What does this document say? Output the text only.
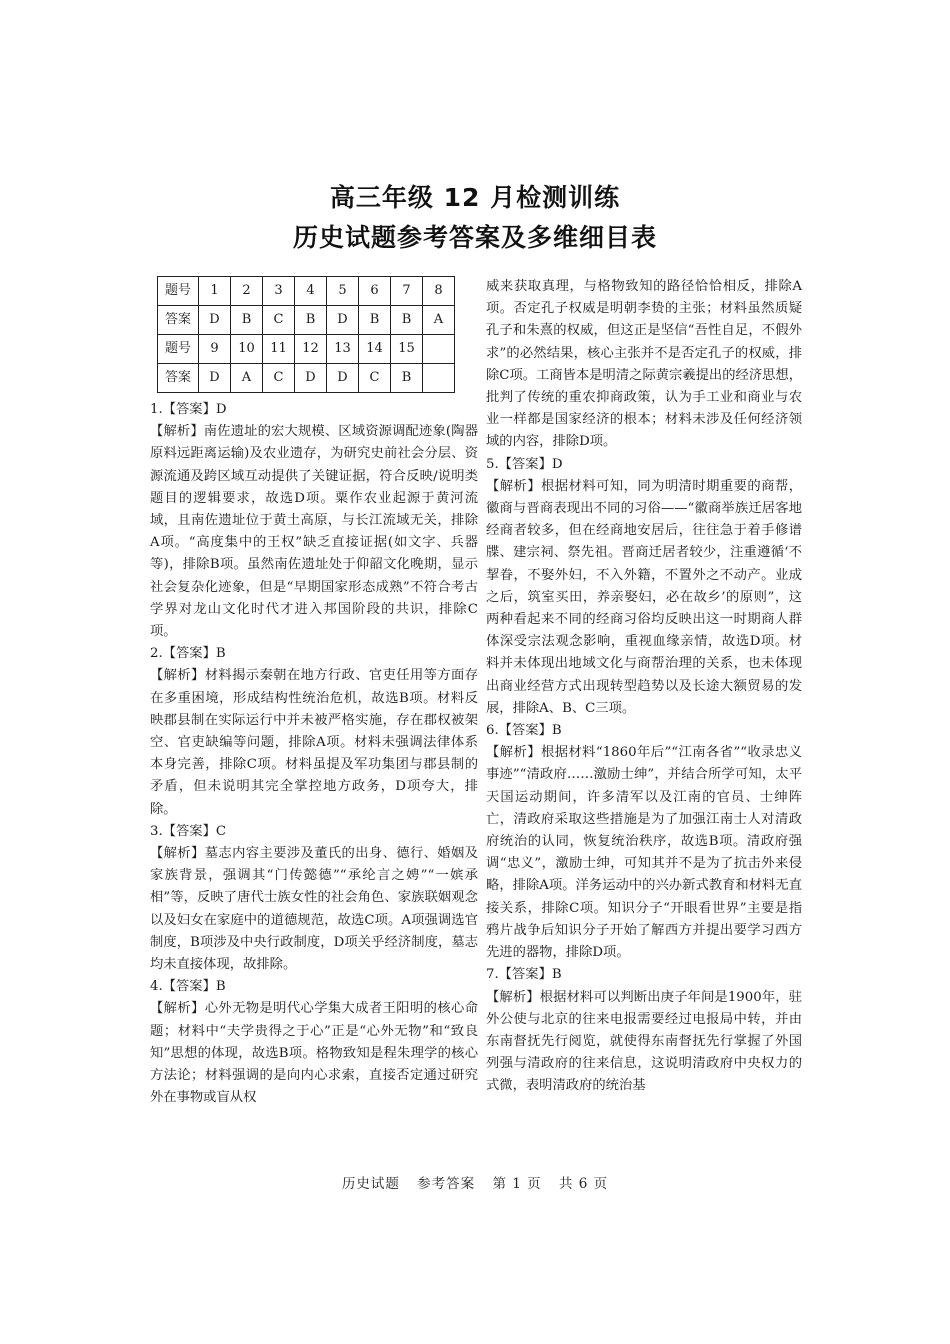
高三年级 12 月检测训练
历史试题参考答案及多维细目表
题号	1	2	3	4	5	6	7	8
答案	D	B	C	B	D	B	B	A
题号	9	10	11	12	13	14	15	
答案	D	A	C	D	D	C	B	

1.【答案】D

【解析】南佐遗址的宏大规模、区域资源调配迹象(陶器原料远距离运输)及农业遗存，为研究史前社会分层、资源流通及跨区域互动提供了关键证据，符合反映/说明类题目的逻辑要求，故选D项。粟作农业起源于黄河流域，且南佐遗址位于黄土高原，与长江流域无关，排除A项。“高度集中的王权”缺乏直接证据(如文字、兵器等)，排除B项。虽然南佐遗址处于仰韶文化晚期，显示社会复杂化迹象，但是“早期国家形态成熟”不符合考古学界对龙山文化时代才进入邦国阶段的共识，排除C项。

2.【答案】B

【解析】材料揭示秦朝在地方行政、官吏任用等方面存在多重困境，形成结构性统治危机，故选B项。材料反映郡县制在实际运行中并未被严格实施，存在郡权被架空、官吏缺编等问题，排除A项。材料未强调法律体系本身完善，排除C项。材料虽提及军功集团与郡县制的矛盾，但未说明其完全掌控地方政务，D项夸大，排除。

3.【答案】C

【解析】墓志内容主要涉及董氏的出身、德行、婚姻及家族背景，强调其“门传懿德”“承纶言之娉”“一嫔承相”等，反映了唐代士族女性的社会角色、家族联姻观念以及妇女在家庭中的道德规范，故选C项。A项强调选官制度，B项涉及中央行政制度，D项关乎经济制度，墓志均未直接体现，故排除。

4.【答案】B

【解析】心外无物是明代心学集大成者王阳明的核心命题；材料中“夫学贵得之于心”正是“心外无物”和“致良知”思想的体现，故选B项。格物致知是程朱理学的核心方法论；材料强调的是向内心求索，直接否定通过研究外在事物或盲从权

威来获取真理，与格物致知的路径恰恰相反，排除A项。否定孔子权威是明朝李贽的主张；材料虽然质疑孔子和朱熹的权威，但这正是坚信“吾性自足，不假外求”的必然结果，核心主张并不是否定孔子的权威，排除C项。工商皆本是明清之际黄宗羲提出的经济思想，批判了传统的重农抑商政策，认为手工业和商业与农业一样都是国家经济的根本；材料未涉及任何经济领域的内容，排除D项。

5.【答案】D

【解析】根据材料可知，同为明清时期重要的商帮，徽商与晋商表现出不同的习俗——“徽商举族迁居客地经商者较多，但在经商地安居后，往往急于着手修谱牒、建宗祠、祭先祖。晋商迁居者较少，注重遵循‘不挈眷，不娶外妇，不入外籍，不置外之不动产。业成之后，筑室买田，养亲娶妇，必在故乡’的原则”，这两种看起来不同的经商习俗均反映出这一时期商人群体深受宗法观念影响，重视血缘亲情，故选D项。材料并未体现出地域文化与商帮治理的关系，也未体现出商业经营方式出现转型趋势以及长途大额贸易的发展，排除A、B、C三项。

6.【答案】B

【解析】根据材料“1860年后”“江南各省”“收录忠义事迹”“清政府……激励士绅”，并结合所学可知，太平天国运动期间，许多清军以及江南的官员、士绅阵亡，清政府采取这些措施是为了加强江南士人对清政府统治的认同，恢复统治秩序，故选B项。清政府强调“忠义”，激励士绅，可知其并不是为了抗击外来侵略，排除A项。洋务运动中的兴办新式教育和材料无直接关系，排除C项。知识分子“开眼看世界”主要是指鸦片战争后知识分子开始了解西方并提出要学习西方先进的器物，排除D项。

7.【答案】B

【解析】根据材料可以判断出庚子年间是1900年，驻外公使与北京的往来电报需要经过电报局中转，并由东南督抚先行阅览，就使得东南督抚先行掌握了外国列强与清政府的往来信息，这说明清政府中央权力的式微，表明清政府的统治基

历史试题 参考答案 第 1 页 共 6 页
